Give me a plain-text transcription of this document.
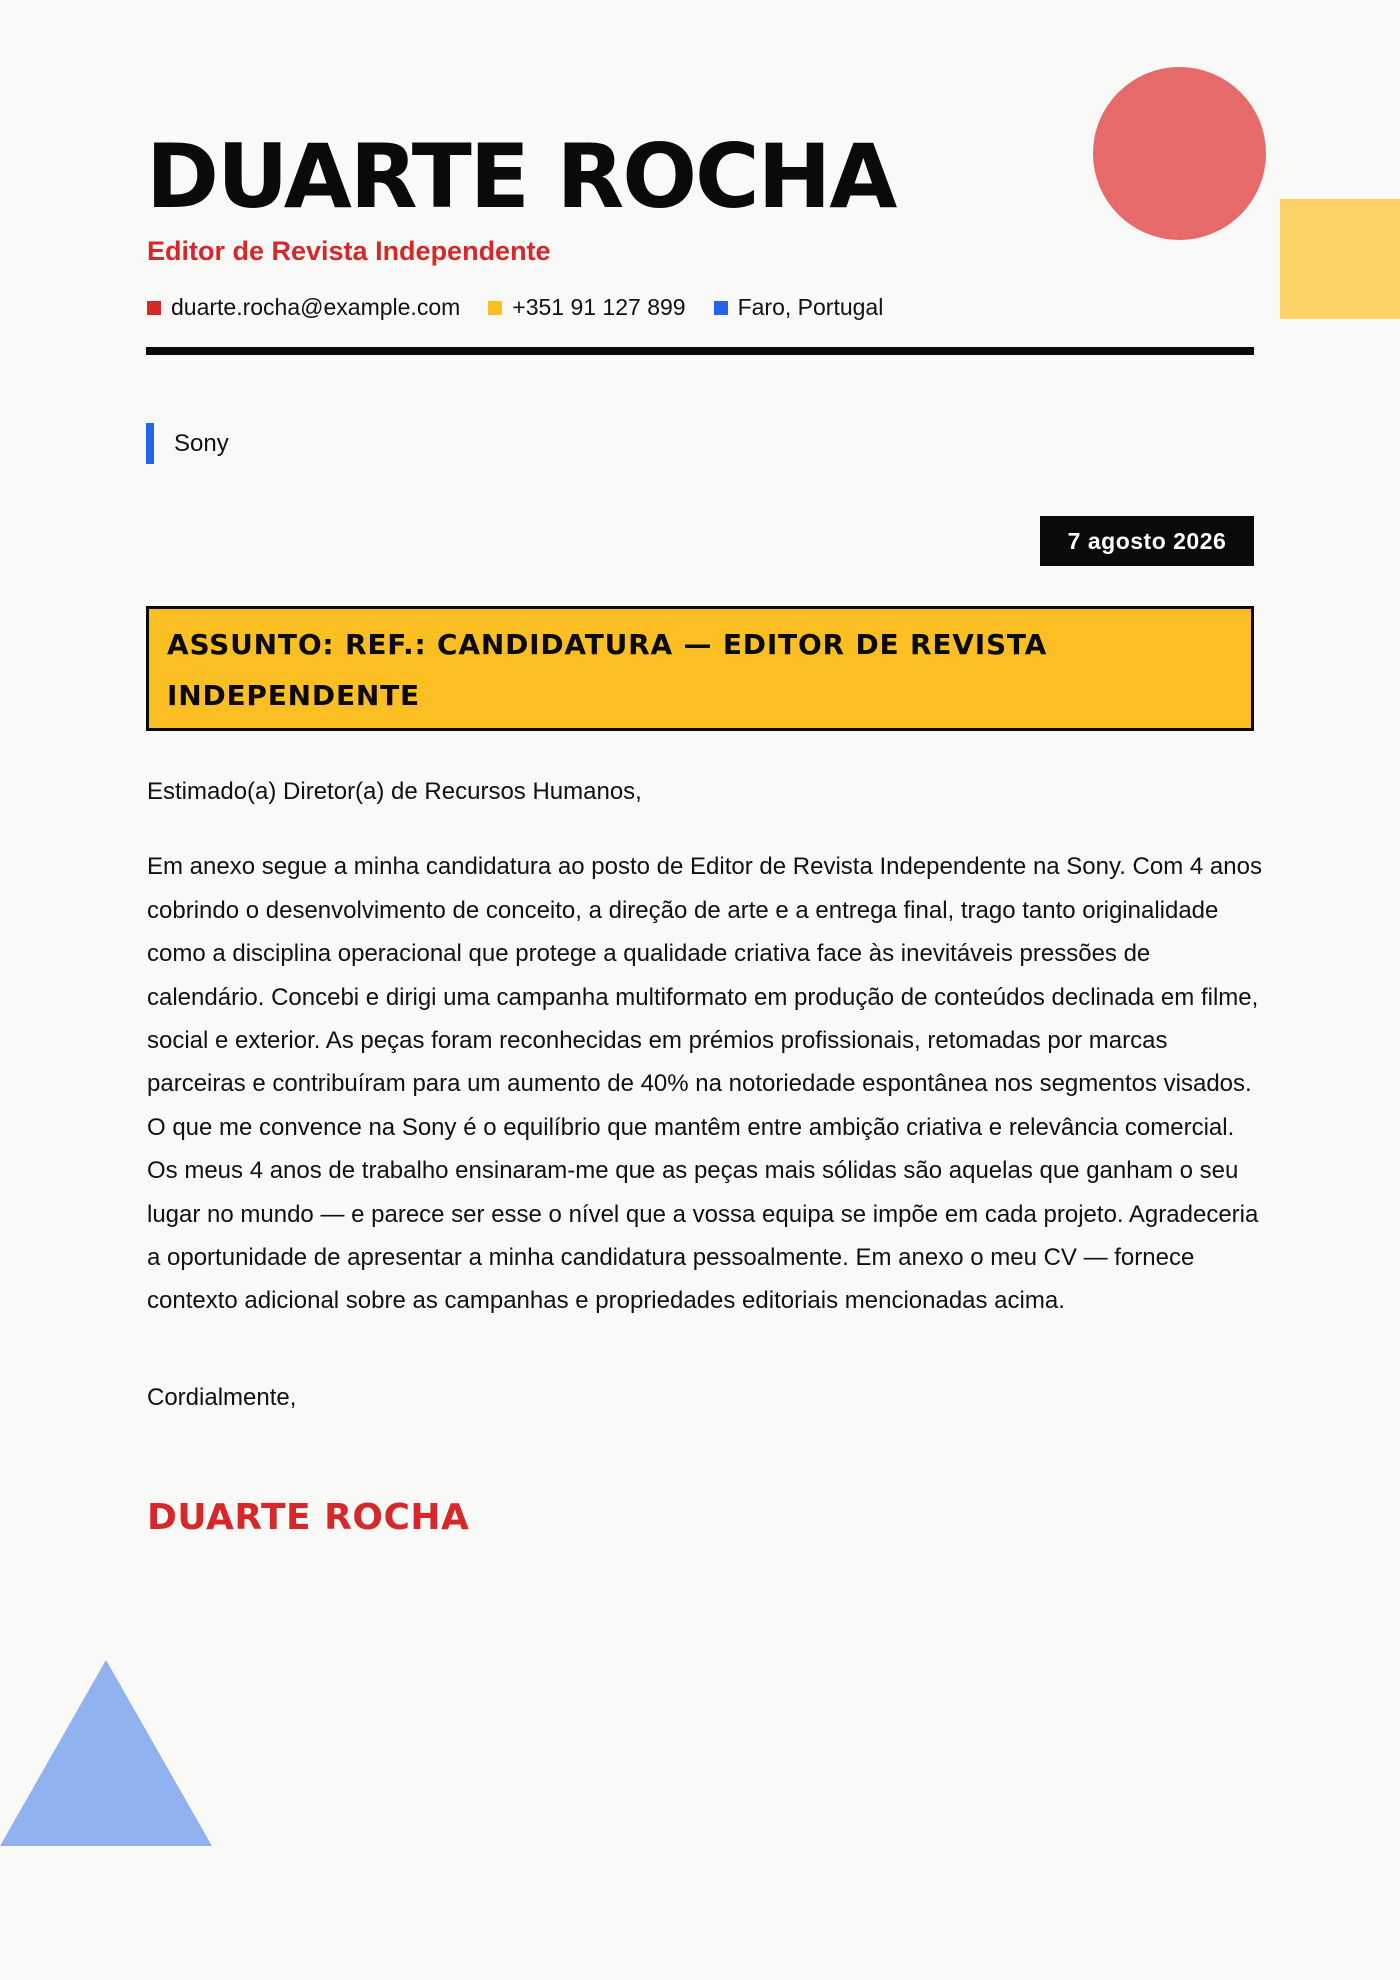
DUARTE ROCHA
Editor de Revista Independente
duarte.rocha@example.com +351 91 127 899 Faro, Portugal
Sony
7 agosto 2026
ASSUNTO: REF.: CANDIDATURA — EDITOR DE REVISTA INDEPENDENTE

Estimado(a) Diretor(a) de Recursos Humanos,

Em anexo segue a minha candidatura ao posto de Editor de Revista Independente na Sony. Com 4 anos cobrindo o desenvolvimento de conceito, a direção de arte e a entrega final, trago tanto originalidade como a disciplina operacional que protege a qualidade criativa face às inevitáveis pressões de calendário. Concebi e dirigi uma campanha multiformato em produção de conteúdos declinada em filme, social e exterior. As peças foram reconhecidas em prémios profissionais, retomadas por marcas parceiras e contribuíram para um aumento de 40% na notoriedade espontânea nos segmentos visados. O que me convence na Sony é o equilíbrio que mantêm entre ambição criativa e relevância comercial. Os meus 4 anos de trabalho ensinaram-me que as peças mais sólidas são aquelas que ganham o seu lugar no mundo — e parece ser esse o nível que a vossa equipa se impõe em cada projeto. Agradeceria a oportunidade de apresentar a minha candidatura pessoalmente. Em anexo o meu CV — fornece contexto adicional sobre as campanhas e propriedades editoriais mencionadas acima.

Cordialmente,

DUARTE ROCHA
